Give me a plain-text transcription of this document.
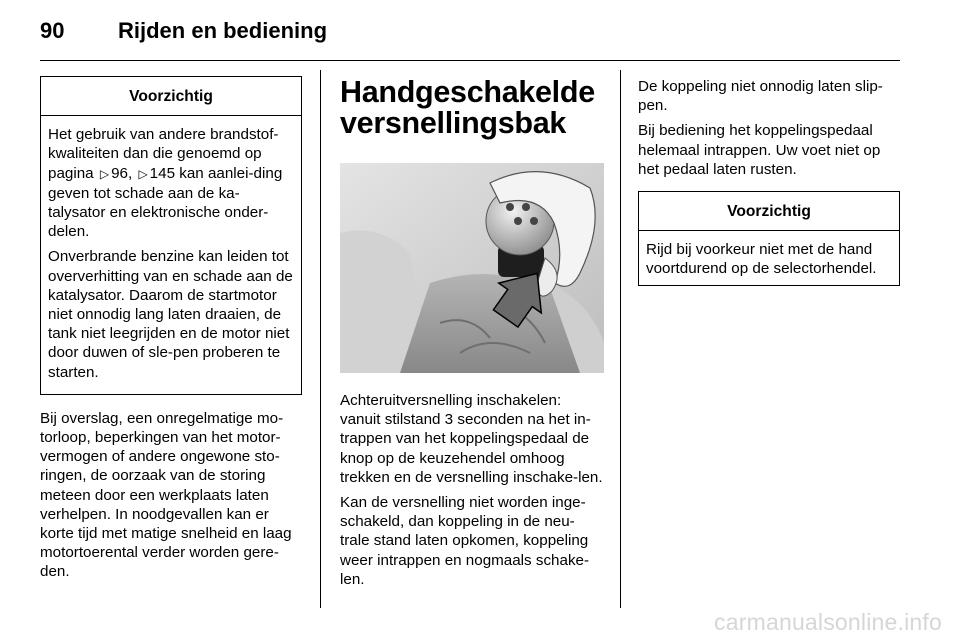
90 Rijden en bediening
Voorzichtig

Het gebruik van andere brandstof-kwaliteiten dan die genoemd op pagina ▷ 96, ▷ 145 kan aanlei-ding geven tot schade aan de ka-talysator en elektronische onder-delen.

Onverbrande benzine kan leiden tot oververhitting van en schade aan de katalysator. Daarom de startmotor niet onnodig lang laten draaien, de tank niet leegrijden en de motor niet door duwen of sle-pen proberen te starten.

Bij overslag, een onregelmatige mo-torloop, beperkingen van het motor-vermogen of andere ongewone sto-ringen, de oorzaak van de storing meteen door een werkplaats laten verhelpen. In noodgevallen kan er korte tijd met matige snelheid en laag motortoerental verder worden gere-den.

Handgeschakelde versnellingsbak

Achteruitversnelling inschakelen: vanuit stilstand 3 seconden na het in-trappen van het koppelingspedaal de knop op de keuzehendel omhoog trekken en de versnelling inschake-len.

Kan de versnelling niet worden inge-schakeld, dan koppeling in de neu-trale stand laten opkomen, koppeling weer intrappen en nogmaals schake-len.

De koppeling niet onnodig laten slip-pen.

Bij bediening het koppelingspedaal helemaal intrappen. Uw voet niet op het pedaal laten rusten.

Voorzichtig
Rijd bij voorkeur niet met de hand voortdurend op de selectorhendel.
carmanualsonline.info
